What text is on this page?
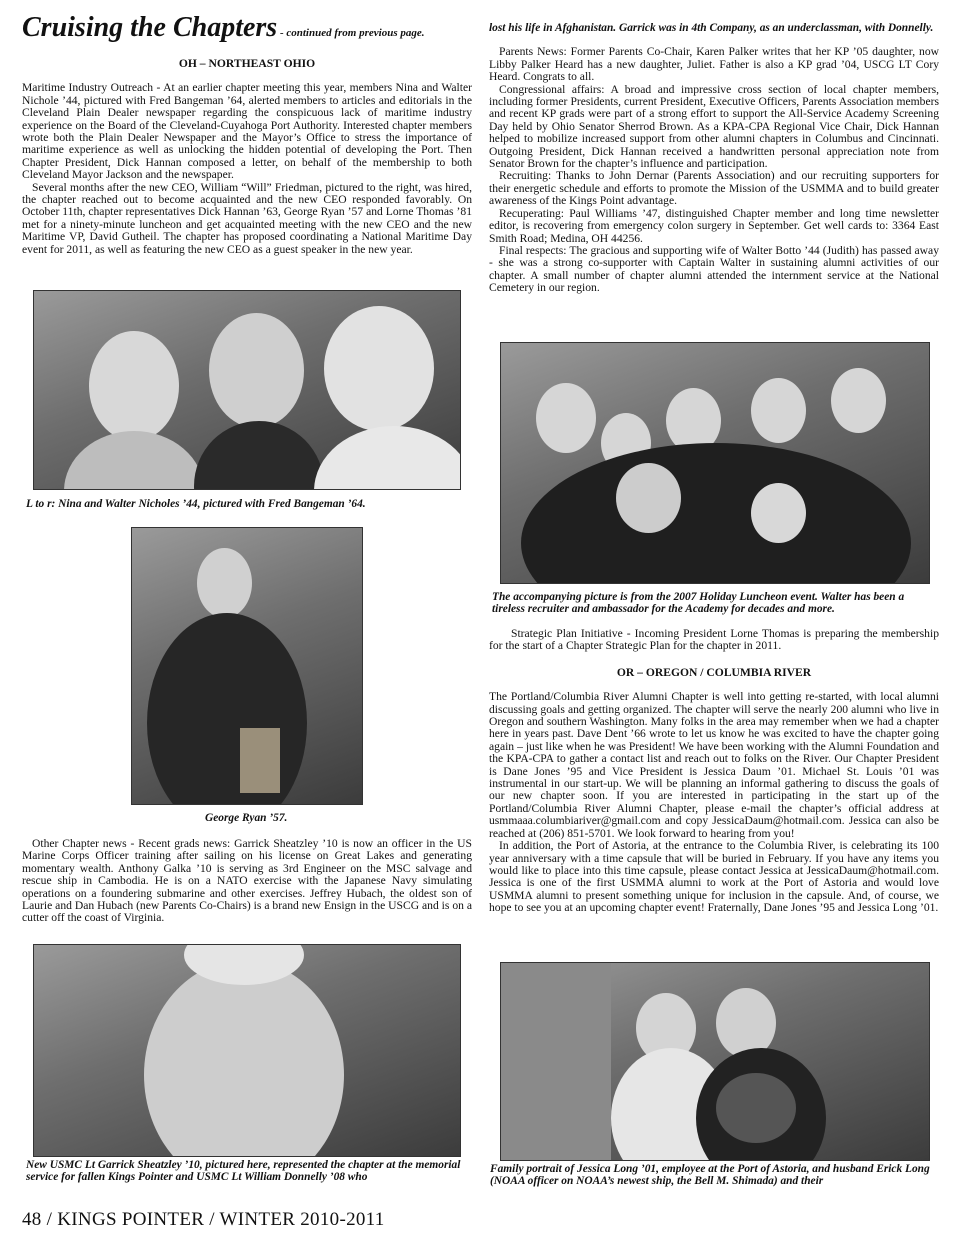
Cruising the Chapters - continued from previous page.

OH – NORTHEAST OHIO

Maritime Industry Outreach - At an earlier chapter meeting this year, members Nina and Walter Nichole ’44, pictured with Fred Bangeman ’64, alerted members to articles and editorials in the Cleveland Plain Dealer newspaper regarding the conspicuous lack of maritime industry experience on the Board of the Cleveland-Cuyahoga Port Authority. Interested chapter members wrote both the Plain Dealer Newspaper and the Mayor’s Office to stress the importance of maritime experience as well as unlocking the hidden potential of developing the Port. Then Chapter President, Dick Hannan composed a letter, on behalf of the membership to both Cleveland Mayor Jackson and the newspaper.

Several months after the new CEO, William “Will” Friedman, pictured to the right, was hired, the chapter reached out to become acquainted and the new CEO responded favorably. On October 11th, chapter representatives Dick Hannan ’63, George Ryan ’57 and Lorne Thomas ’81 met for a ninety-minute luncheon and get acquainted meeting with the new CEO and the new Maritime VP, David Gutheil. The chapter has proposed coordinating a National Maritime Day event for 2011, as well as featuring the new CEO as a guest speaker in the new year.

L to r: Nina and Walter Nicholes ’44, pictured with Fred Bangeman ’64.
George Ryan ’57.

Other Chapter news - Recent grads news: Garrick Sheatzley ’10 is now an officer in the US Marine Corps Officer training after sailing on his license on Great Lakes and generating momentary wealth. Anthony Galka ’10 is serving as 3rd Engineer on the MSC salvage and rescue ship in Cambodia. He is on a NATO exercise with the Japanese Navy simulating operations on a foundering submarine and other exercises. Jeffrey Hubach, the oldest son of Laurie and Dan Hubach (new Parents Co-Chairs) is a brand new Ensign in the USCG and is on a cutter off the coast of Virginia.

New USMC Lt Garrick Sheatzley ’10, pictured here, represented the chapter at the memorial service for fallen Kings Pointer and USMC Lt William Donnelly ’08 who

lost his life in Afghanistan. Garrick was in 4th Company, as an underclassman, with Donnelly.

Parents News: Former Parents Co-Chair, Karen Palker writes that her KP ’05 daughter, now Libby Palker Heard has a new daughter, Juliet. Father is also a KP grad ’04, USCG LT Cory Heard. Congrats to all.

Congressional affairs: A broad and impressive cross section of local chapter members, including former Presidents, current President, Executive Officers, Parents Association members and recent KP grads were part of a strong effort to support the All-Service Academy Screening Day held by Ohio Senator Sherrod Brown. As a KPA-CPA Regional Vice Chair, Dick Hannan helped to mobilize increased support from other alumni chapters in Columbus and Cincinnati. Outgoing President, Dick Hannan received a handwritten personal appreciation note from Senator Brown for the chapter’s influence and participation.

Recruiting: Thanks to John Dernar (Parents Association) and our recruiting supporters for their energetic schedule and efforts to promote the Mission of the USMMA and to build greater awareness of the Kings Point advantage.

Recuperating: Paul Williams ’47, distinguished Chapter member and long time newsletter editor, is recovering from emergency colon surgery in September. Get well cards to: 3364 East Smith Road; Medina, OH 44256.

Final respects: The gracious and supporting wife of Walter Botto ’44 (Judith) has passed away - she was a strong co-supporter with Captain Walter in sustaining alumni activities of our chapter. A small number of chapter alumni attended the internment service at the National Cemetery in our region.

The accompanying picture is from the 2007 Holiday Luncheon event. Walter has been a tireless recruiter and ambassador for the Academy for decades and more.

Strategic Plan Initiative - Incoming President Lorne Thomas is preparing the membership for the start of a Chapter Strategic Plan for the chapter in 2011.

OR – OREGON / COLUMBIA RIVER

The Portland/Columbia River Alumni Chapter is well into getting re-started, with local alumni discussing goals and getting organized. The chapter will serve the nearly 200 alumni who live in Oregon and southern Washington. Many folks in the area may remember when we had a chapter here in years past. Dave Dent ’66 wrote to let us know he was excited to have the chapter going again – just like when he was President! We have been working with the Alumni Foundation and the KPA-CPA to gather a contact list and reach out to folks on the River. Our Chapter President is Dane Jones ’95 and Vice President is Jessica Daum ’01. Michael St. Louis ’01 was instrumental in our start-up. We will be planning an informal gathering to discuss the goals of our new chapter soon. If you are interested in participating in the start up of the Portland/Columbia River Alumni Chapter, please e-mail the chapter’s official address at usmmaaa.columbiariver@gmail.com and copy JessicaDaum@hotmail.com. Jessica can also be reached at (206) 851-5701. We look forward to hearing from you!

In addition, the Port of Astoria, at the entrance to the Columbia River, is celebrating its 100 year anniversary with a time capsule that will be buried in February. If you have any items you would like to place into this time capsule, please contact Jessica at JessicaDaum@hotmail.com. Jessica is one of the first USMMA alumni to work at the Port of Astoria and would love USMMA alumni to present something unique for inclusion in the capsule. And, of course, we hope to see you at an upcoming chapter event! Fraternally, Dane Jones ’95 and Jessica Long ’01.

Family portrait of Jessica Long ’01, employee at the Port of Astoria, and husband Erick Long (NOAA officer on NOAA’s newest ship, the Bell M. Shimada) and their
48 / KINGS POINTER / WINTER 2010-2011
